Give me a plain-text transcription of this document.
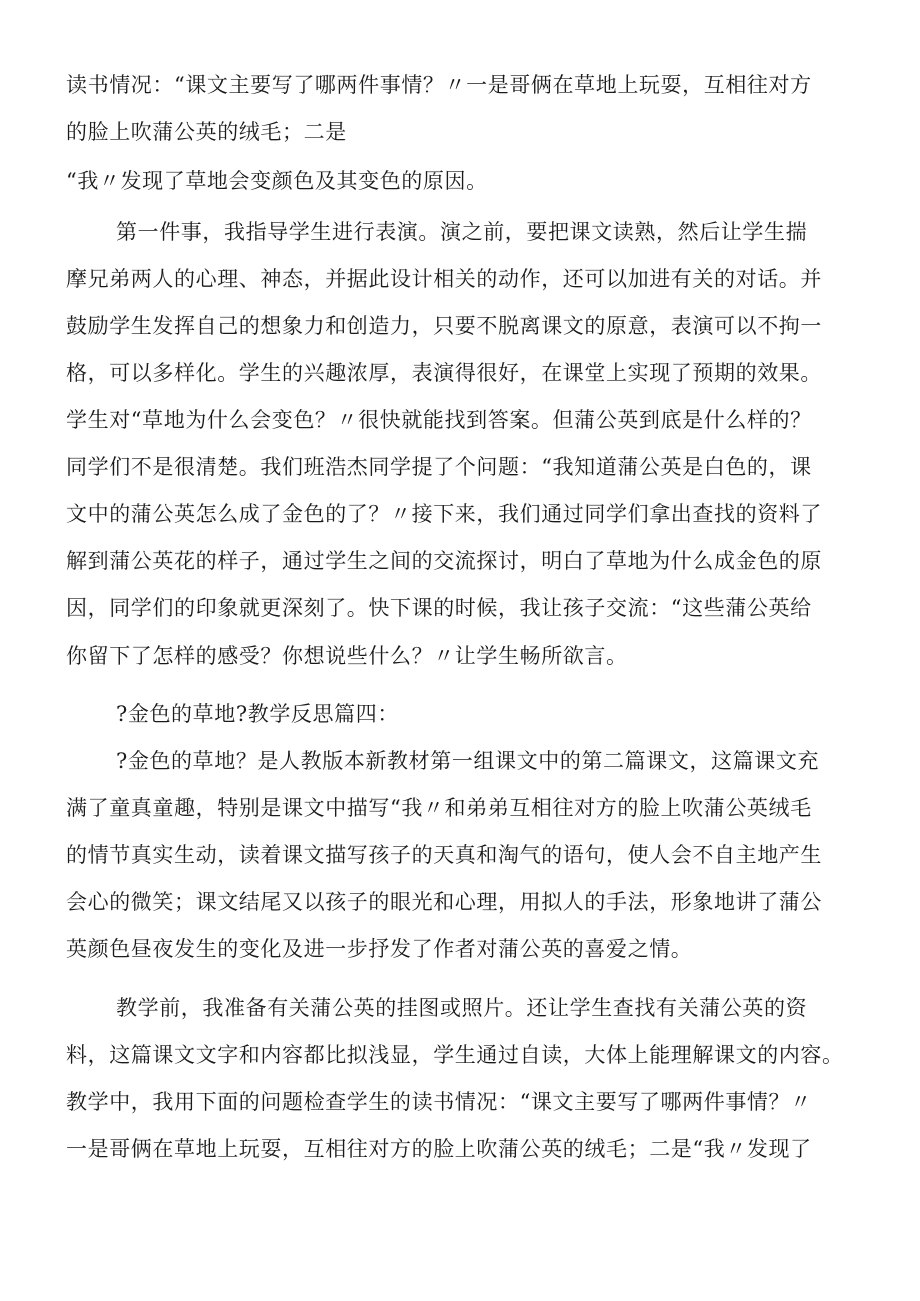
读书情况：“课文主要写了哪两件事情？〃一是哥俩在草地上玩耍，互相往对方
的脸上吹蒲公英的绒毛；二是
“我〃发现了草地会变颜色及其变色的原因。
第一件事，我指导学生进行表演。演之前，要把课文读熟，然后让学生揣
摩兄弟两人的心理、神态，并据此设计相关的动作，还可以加进有关的对话。并
鼓励学生发挥自己的想象力和创造力，只要不脱离课文的原意，表演可以不拘一
格，可以多样化。学生的兴趣浓厚，表演得很好，在课堂上实现了预期的效果。
学生对“草地为什么会变色？〃很快就能找到答案。但蒲公英到底是什么样的？
同学们不是很清楚。我们班浩杰同学提了个问题：“我知道蒲公英是白色的，课
文中的蒲公英怎么成了金色的了？〃接下来，我们通过同学们拿出查找的资料了
解到蒲公英花的样子，通过学生之间的交流探讨，明白了草地为什么成金色的原
因，同学们的印象就更深刻了。快下课的时候，我让孩子交流：“这些蒲公英给
你留下了怎样的感受？你想说些什么？〃让学生畅所欲言。
?金色的草地?教学反思篇四：
?金色的草地？是人教版本新教材第一组课文中的第二篇课文，这篇课文充
满了童真童趣，特别是课文中描写“我〃和弟弟互相往对方的脸上吹蒲公英绒毛
的情节真实生动，读着课文描写孩子的天真和淘气的语句，使人会不自主地产生
会心的微笑；课文结尾又以孩子的眼光和心理，用拟人的手法，形象地讲了蒲公
英颜色昼夜发生的变化及进一步抒发了作者对蒲公英的喜爱之情。
教学前，我准备有关蒲公英的挂图或照片。还让学生查找有关蒲公英的资
料，这篇课文文字和内容都比拟浅显，学生通过自读，大体上能理解课文的内容。
教学中，我用下面的问题检查学生的读书情况：“课文主要写了哪两件事情？〃
一是哥俩在草地上玩耍，互相往对方的脸上吹蒲公英的绒毛；二是“我〃发现了
